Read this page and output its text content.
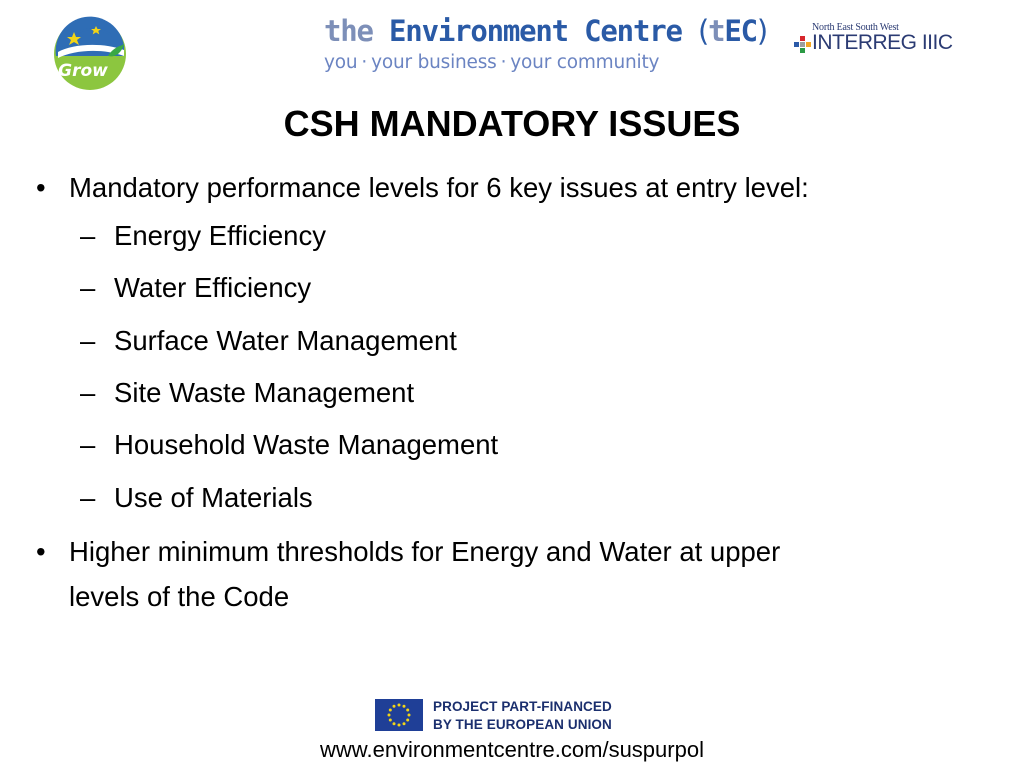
Grow
the Environment Centre (tEC)
you · your business · your community
North East South West
INTERREG IIIC
CSH MANDATORY ISSUES
• Mandatory performance levels for 6 key issues at entry level:
– Energy Efficiency
– Water Efficiency
– Surface Water Management
– Site Waste Management
– Household Waste Management
– Use of Materials
• Higher minimum thresholds for Energy and Water at upper
levels of the Code
PROJECT PART-FINANCED
BY THE EUROPEAN UNION
www.environmentcentre.com/suspurpol
